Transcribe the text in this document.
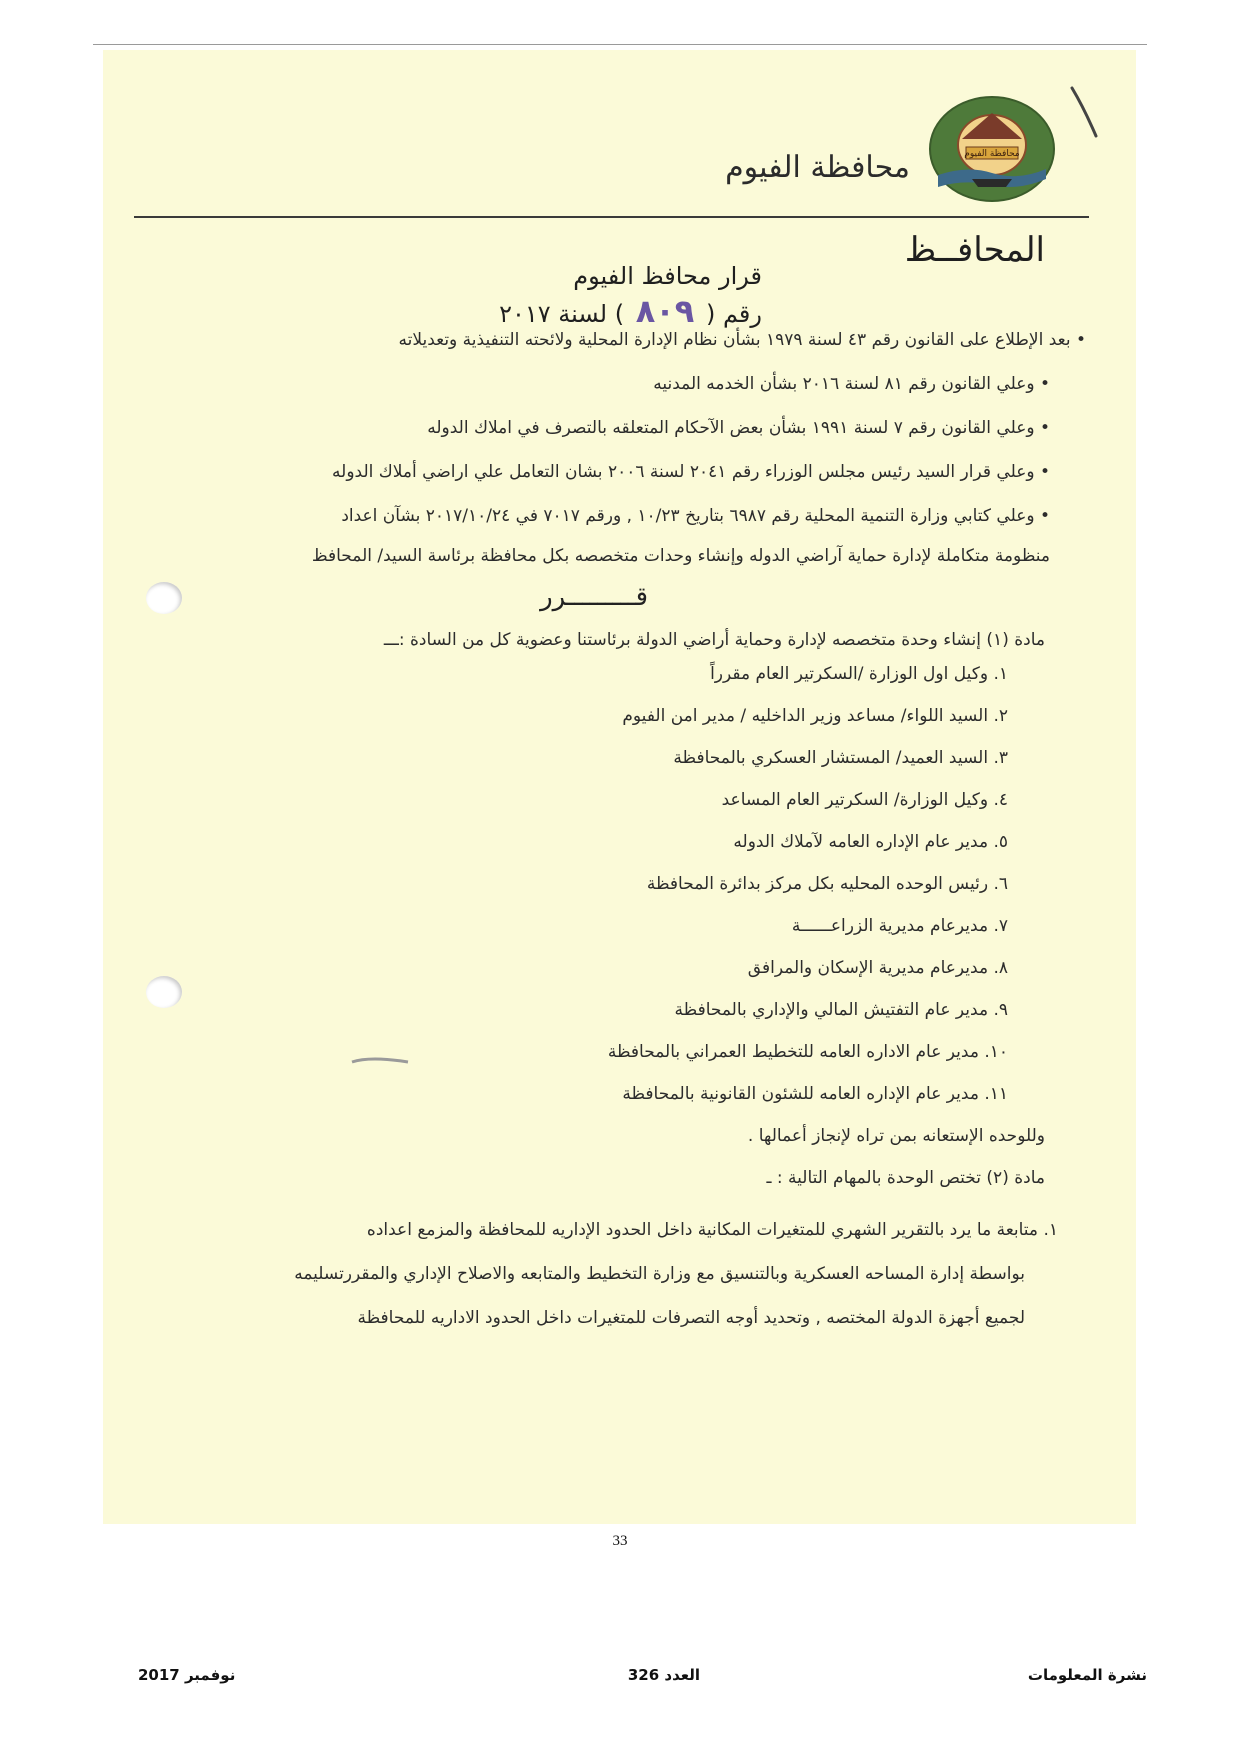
محافظة الفيوم
محافظة الفيوم
المحافــظ
قرار محافظ الفيوم
رقم ( ٨٠٩ ) لسنة ٢٠١٧
• بعد الإطلاع على القانون رقم ٤٣ لسنة ١٩٧٩ بشأن نظام الإدارة المحلية ولائحته التنفيذية وتعديلاته
• وعلي القانون رقم ٨١ لسنة ٢٠١٦ بشأن الخدمه المدنيه
• وعلي القانون رقم ٧ لسنة ١٩٩١ بشأن بعض الآحكام المتعلقه بالتصرف في املاك الدوله
• وعلي قرار السيد رئيس مجلس الوزراء رقم ٢٠٤١ لسنة ٢٠٠٦ بشان التعامل علي اراضي أملاك الدوله
• وعلي كتابي وزارة التنمية المحلية رقم ٦٩٨٧ بتاريخ ١٠/٢٣ , ورقم ٧٠١٧ في ٢٠١٧/١٠/٢٤ بشآن اعداد
منظومة متكاملة لإدارة حماية آراضي الدوله وإنشاء وحدات متخصصه بكل محافظة برئاسة السيد/ المحافظ
قـــــــــرر
مادة (١) إنشاء وحدة متخصصه لإدارة وحماية أراضي الدولة برئاستنا وعضوية كل من السادة :ـــ
١. وكيل اول الوزارة /السكرتير العام مقرراً
٢. السيد اللواء/ مساعد وزير الداخليه / مدير امن الفيوم
٣. السيد العميد/ المستشار العسكري بالمحافظة
٤. وكيل الوزارة/ السكرتير العام المساعد
٥. مدير عام الإداره العامه لآملاك الدوله
٦. رئيس الوحده المحليه بكل مركز بدائرة المحافظة
٧. مديرعام مديرية الزراعــــــة
٨. مديرعام مديرية الإسكان والمرافق
٩. مدير عام التفتيش المالي والإداري بالمحافظة
١٠. مدير عام الاداره العامه للتخطيط العمراني بالمحافظة
١١. مدير عام الإداره العامه للشئون القانونية بالمحافظة
وللوحده الإستعانه بمن تراه لإنجاز أعمالها .
مادة (٢) تختص الوحدة بالمهام التالية : ـ
١. متابعة ما يرد بالتقرير الشهري للمتغيرات المكانية داخل الحدود الإداريه للمحافظة والمزمع اعداده
بواسطة إدارة المساحه العسكرية وبالتنسيق مع وزارة التخطيط والمتابعه والاصلاح الإداري والمقررتسليمه
لجميع أجهزة الدولة المختصه , وتحديد أوجه التصرفات للمتغيرات داخل الحدود الاداريه للمحافظة
33
نشرة المعلومات
العدد 326
نوفمبر 2017
